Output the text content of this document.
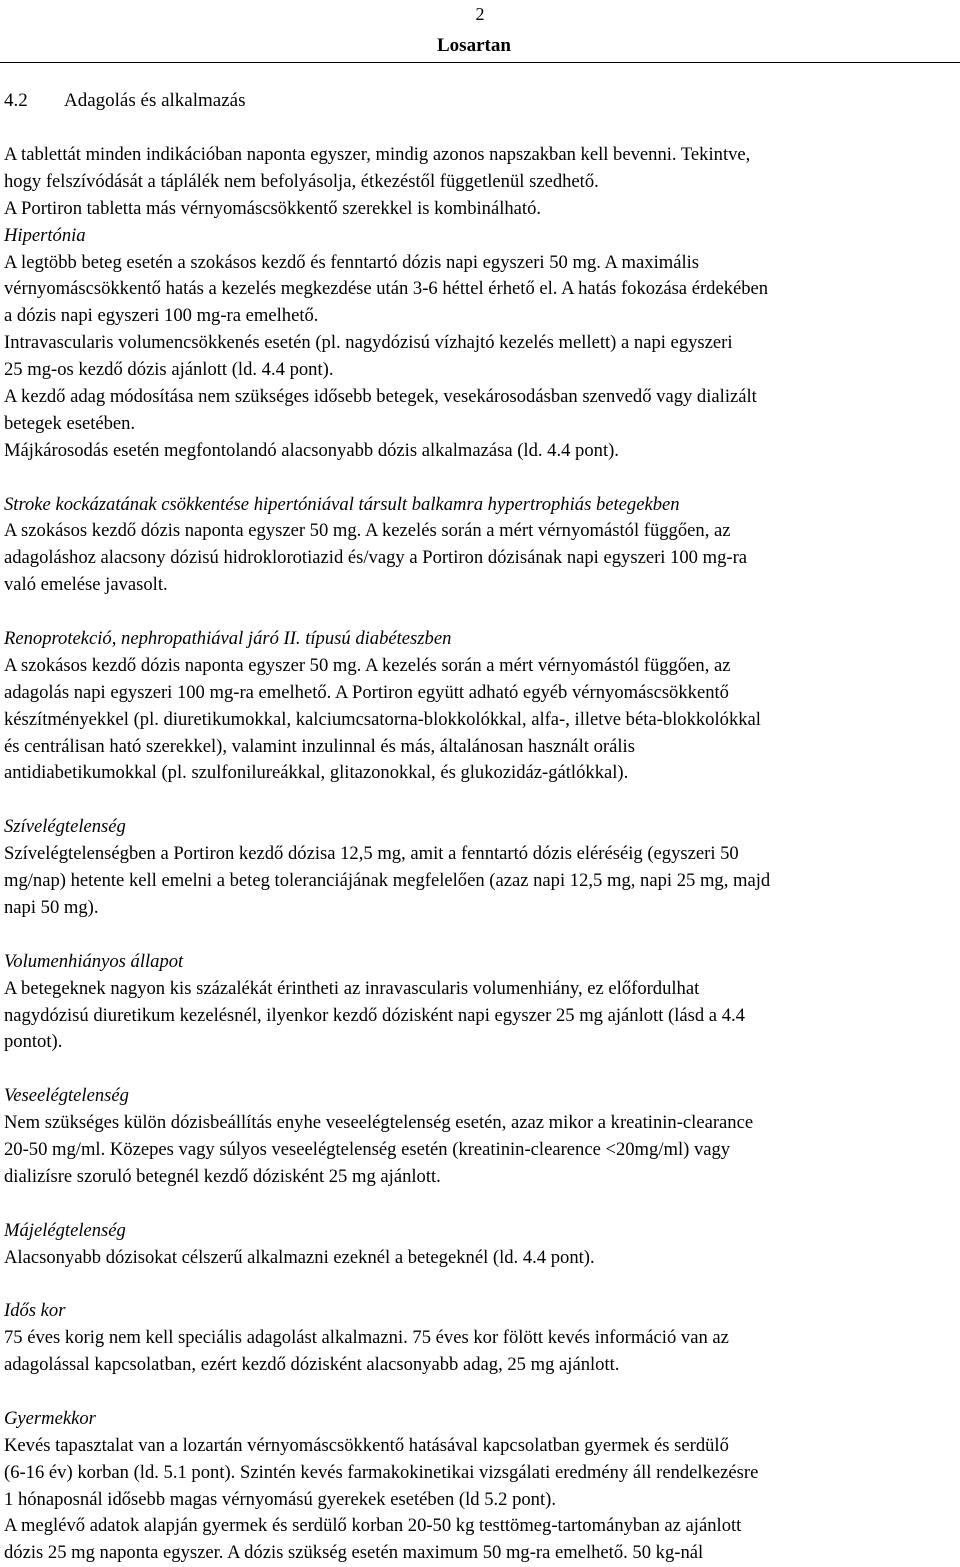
2
Losartan
4.2 Adagolás és alkalmazás
A tablettát minden indikációban naponta egyszer, mindig azonos napszakban kell bevenni. Tekintve,
hogy felszívódását a táplálék nem befolyásolja, étkezéstől függetlenül szedhető.
A Portiron tabletta más vérnyomáscsökkentő szerekkel is kombinálható.
Hipertónia
A legtöbb beteg esetén a szokásos kezdő és fenntartó dózis napi egyszeri 50 mg. A maximális
vérnyomáscsökkentő hatás a kezelés megkezdése után 3-6 héttel érhető el. A hatás fokozása érdekében
a dózis napi egyszeri 100 mg-ra emelhető.
Intravascularis volumencsökkenés esetén (pl. nagydózisú vízhajtó kezelés mellett) a napi egyszeri
25 mg-os kezdő dózis ajánlott (ld. 4.4 pont).
A kezdő adag módosítása nem szükséges idősebb betegek, vesekárosodásban szenvedő vagy dializált
betegek esetében.
Májkárosodás esetén megfontolandó alacsonyabb dózis alkalmazása (ld. 4.4 pont).
Stroke kockázatának csökkentése hipertóniával társult balkamra hypertrophiás betegekben
A szokásos kezdő dózis naponta egyszer 50 mg. A kezelés során a mért vérnyomástól függően, az
adagoláshoz alacsony dózisú hidroklorotiazid és/vagy a Portiron dózisának napi egyszeri 100 mg-ra
való emelése javasolt.
Renoprotekció, nephropathiával járó II. típusú diabéteszben
A szokásos kezdő dózis naponta egyszer 50 mg. A kezelés során a mért vérnyomástól függően, az
adagolás napi egyszeri 100 mg-ra emelhető. A Portiron együtt adható egyéb vérnyomáscsökkentő
készítményekkel (pl. diuretikumokkal, kalciumcsatorna-blokkolókkal, alfa-, illetve béta-blokkolókkal
és centrálisan ható szerekkel), valamint inzulinnal és más, általánosan használt orális
antidiabetikumokkal (pl. szulfonilureákkal, glitazonokkal, és glukozidáz-gátlókkal).
Szívelégtelenség
Szívelégtelenségben a Portiron kezdő dózisa 12,5 mg, amit a fenntartó dózis eléréséig (egyszeri 50
mg/nap) hetente kell emelni a beteg toleranciájának megfelelően (azaz napi 12,5 mg, napi 25 mg, majd
napi 50 mg).
Volumenhiányos állapot
A betegeknek nagyon kis százalékát érintheti az inravascularis volumenhiány, ez előfordulhat
nagydózisú diuretikum kezelésnél, ilyenkor kezdő dózisként napi egyszer 25 mg ajánlott (lásd a 4.4
pontot).
Veseelégtelenség
Nem szükséges külön dózisbeállítás enyhe veseelégtelenség esetén, azaz mikor a kreatinin-clearance
20-50 mg/ml. Közepes vagy súlyos veseelégtelenség esetén (kreatinin-clearence <20mg/ml) vagy
dializísre szoruló betegnél kezdő dózisként 25 mg ajánlott.
Májelégtelenség
Alacsonyabb dózisokat célszerű alkalmazni ezeknél a betegeknél (ld. 4.4 pont).
Idős kor
75 éves korig nem kell speciális adagolást alkalmazni. 75 éves kor fölött kevés információ van az
adagolással kapcsolatban, ezért kezdő dózisként alacsonyabb adag, 25 mg ajánlott.
Gyermekkor
Kevés tapasztalat van a lozartán vérnyomáscsökkentő hatásával kapcsolatban gyermek és serdülő
(6-16 év) korban (ld. 5.1 pont). Szintén kevés farmakokinetikai vizsgálati eredmény áll rendelkezésre
1 hónaposnál idősebb magas vérnyomású gyerekek esetében (ld 5.2 pont).
A meglévő adatok alapján gyermek és serdülő korban 20-50 kg testtömeg-tartományban az ajánlott
dózis 25 mg naponta egyszer. A dózis szükség esetén maximum 50 mg-ra emelhető. 50 kg-nál
